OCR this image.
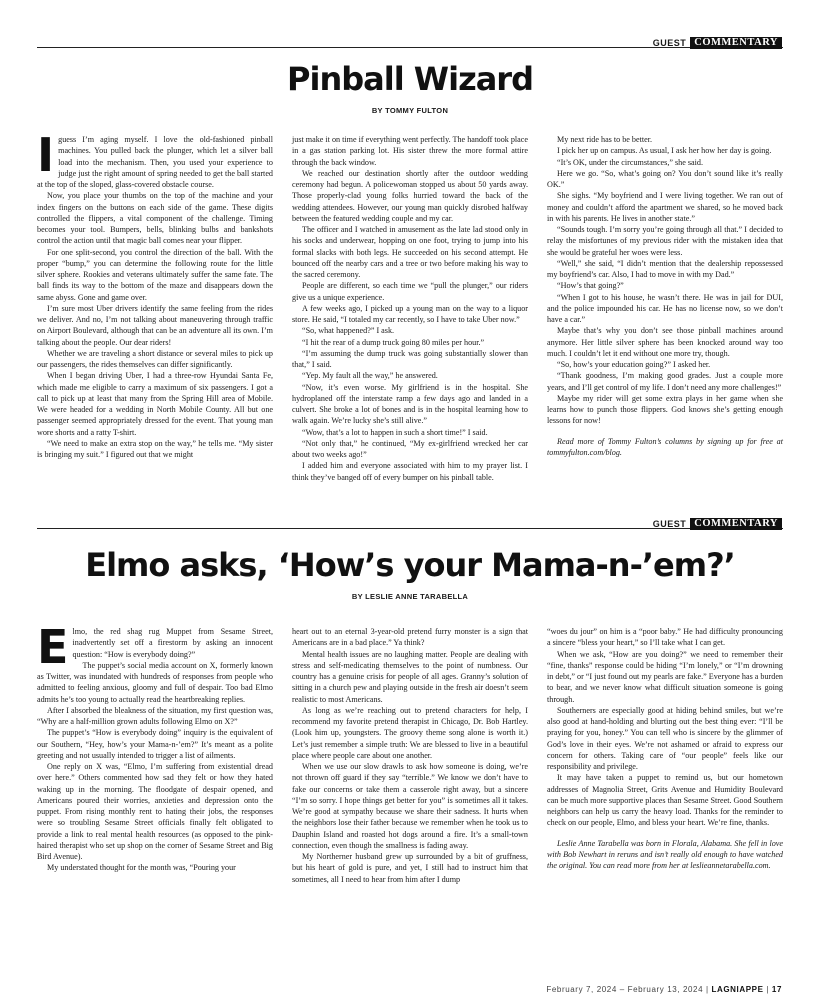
GUEST COMMENTARY
Pinball Wizard
BY TOMMY FULTON

I guess I’m aging myself. I love the old-fashioned pinball machines. You pulled back the plunger, which let a silver ball load into the mechanism. Then, you used your experience to judge just the right amount of spring needed to get the ball started at the top of the sloped, glass-covered obstacle course.

Now, you place your thumbs on the top of the machine and your index fingers on the buttons on each side of the game. These digits controlled the flippers, a vital component of the challenge. Timing becomes your tool. Bumpers, bells, blinking bulbs and bankshots control the action until that magic ball comes near your flipper.

For one split-second, you control the direction of the ball. With the proper “bump,” you can determine the following route for the little silver sphere. Rookies and veterans ultimately suffer the same fate. The ball finds its way to the bottom of the maze and disappears down the same abyss. Gone and game over.

I’m sure most Uber drivers identify the same feeling from the rides we deliver. And no, I’m not talking about maneuvering through traffic on Airport Boulevard, although that can be an adventure all its own. I’m talking about the people. Our dear riders!

Whether we are traveling a short distance or several miles to pick up our passengers, the rides themselves can differ significantly.

When I began driving Uber, I had a three-row Hyundai Santa Fe, which made me eligible to carry a maximum of six passengers. I got a call to pick up at least that many from the Spring Hill area of Mobile. We were headed for a wedding in North Mobile County. All but one passenger seemed appropriately dressed for the event. That young man wore shorts and a ratty T-shirt.

“We need to make an extra stop on the way,” he tells me. “My sister is bringing my suit.” I figured out that we might

just make it on time if everything went perfectly. The handoff took place in a gas station parking lot. His sister threw the more formal attire through the back window.

We reached our destination shortly after the outdoor wedding ceremony had begun. A policewoman stopped us about 50 yards away. Those properly-clad young folks hurried toward the back of the wedding attendees. However, our young man quickly disrobed halfway between the featured wedding couple and my car.

The officer and I watched in amusement as the late lad stood only in his socks and underwear, hopping on one foot, trying to jump into his formal slacks with both legs. He succeeded on his second attempt. He bounced off the nearby cars and a tree or two before making his way to the sacred ceremony.

People are different, so each time we “pull the plunger,” our riders give us a unique experience.

A few weeks ago, I picked up a young man on the way to a liquor store. He said, “I totaled my car recently, so I have to take Uber now.”

“So, what happened?” I ask.

“I hit the rear of a dump truck going 80 miles per hour.”

“I’m assuming the dump truck was going substantially slower than that,” I said.

“Yep. My fault all the way,” he answered.

“Now, it’s even worse. My girlfriend is in the hospital. She hydroplaned off the interstate ramp a few days ago and landed in a culvert. She broke a lot of bones and is in the hospital learning how to walk again. We’re lucky she’s still alive.”

“Wow, that’s a lot to happen in such a short time!” I said.

“Not only that,” he continued, “My ex-girlfriend wrecked her car about two weeks ago!”

I added him and everyone associated with him to my prayer list. I think they’ve banged off of every bumper on his pinball table.

My next ride has to be better.

I pick her up on campus. As usual, I ask her how her day is going.

“It’s OK, under the circumstances,” she said.

Here we go. “So, what’s going on? You don’t sound like it’s really OK.”

She sighs. “My boyfriend and I were living together. We ran out of money and couldn’t afford the apartment we shared, so he moved back in with his parents. He lives in another state.”

“Sounds tough. I’m sorry you’re going through all that.” I decided to relay the misfortunes of my previous rider with the mistaken idea that she would be grateful her woes were less.

“Well,” she said, “I didn’t mention that the dealership repossessed my boyfriend’s car. Also, I had to move in with my Dad.”

“How’s that going?”

“When I got to his house, he wasn’t there. He was in jail for DUI, and the police impounded his car. He has no license now, so we don’t have a car.”

Maybe that’s why you don’t see those pinball machines around anymore. Her little silver sphere has been knocked around way too much. I couldn’t let it end without one more try, though.

“So, how’s your education going?” I asked her.

“Thank goodness, I’m making good grades. Just a couple more years, and I’ll get control of my life. I don’t need any more challenges!”

Maybe my rider will get some extra plays in her game when she learns how to punch those flippers. God knows she’s getting enough lessons for now!

Read more of Tommy Fulton’s columns by signing up for free at tommyfulton.com/blog.

GUEST COMMENTARY
Elmo asks, ‘How’s your Mama-n-’em?’
BY LESLIE ANNE TARABELLA

Elmo, the red shag rug Muppet from Sesame Street, inadvertently set off a firestorm by asking an innocent question: “How is everybody doing?”

The puppet’s social media account on X, formerly known as Twitter, was inundated with hundreds of responses from people who admitted to feeling anxious, gloomy and full of despair. Too bad Elmo admits he’s too young to actually read the heartbreaking replies.

After I absorbed the bleakness of the situation, my first question was, “Why are a half-million grown adults following Elmo on X?”

The puppet’s “How is everybody doing” inquiry is the equivalent of our Southern, “Hey, how’s your Mama-n-’em?” It’s meant as a polite greeting and not usually intended to trigger a list of ailments.

One reply on X was, “Elmo, I’m suffering from existential dread over here.” Others commented how sad they felt or how they hated waking up in the morning. The floodgate of despair opened, and Americans poured their worries, anxieties and depression onto the puppet. From rising monthly rent to hating their jobs, the responses were so troubling Sesame Street officials finally felt obligated to provide a link to real mental health resources (as opposed to the pink-haired therapist who set up shop on the corner of Sesame Street and Big Bird Avenue).

My understated thought for the month was, “Pouring your

heart out to an eternal 3-year-old pretend furry monster is a sign that Americans are in a bad place.” Ya think?

Mental health issues are no laughing matter. People are dealing with stress and self-medicating themselves to the point of numbness. Our country has a genuine crisis for people of all ages. Granny’s solution of sitting in a church pew and playing outside in the fresh air doesn’t seem realistic to most Americans.

As long as we’re reaching out to pretend characters for help, I recommend my favorite pretend therapist in Chicago, Dr. Bob Hartley. (Look him up, youngsters. The groovy theme song alone is worth it.) Let’s just remember a simple truth: We are blessed to live in a beautiful place where people care about one another.

When we use our slow drawls to ask how someone is doing, we’re not thrown off guard if they say “terrible.” We know we don’t have to fake our concerns or take them a casserole right away, but a sincere “I’m so sorry. I hope things get better for you” is sometimes all it takes. We’re good at sympathy because we share their sadness. It hurts when the neighbors lose their father because we remember when he took us to Dauphin Island and roasted hot dogs around a fire. It’s a small-town connection, even though the smallness is fading away.

My Northerner husband grew up surrounded by a bit of gruffness, but his heart of gold is pure, and yet, I still had to instruct him that sometimes, all I need to hear from him after I dump

“woes du jour” on him is a “poor baby.” He had difficulty pronouncing a sincere “bless your heart,” so I’ll take what I can get.

When we ask, “How are you doing?” we need to remember their “fine, thanks” response could be hiding “I’m lonely,” or “I’m drowning in debt,” or “I just found out my pearls are fake.” Everyone has a burden to bear, and we never know what difficult situation someone is going through.

Southerners are especially good at hiding behind smiles, but we’re also good at hand-holding and blurting out the best thing ever: “I’ll be praying for you, honey.” You can tell who is sincere by the glimmer of God’s love in their eyes. We’re not ashamed or afraid to express our concern for others. Taking care of “our people” feels like our responsibility and privilege.

It may have taken a puppet to remind us, but our hometown addresses of Magnolia Street, Grits Avenue and Humidity Boulevard can be much more supportive places than Sesame Street. Good Southern neighbors can help us carry the heavy load. Thanks for the reminder to check on our people, Elmo, and bless your heart. We’re fine, thanks.

Leslie Anne Tarabella was born in Florala, Alabama. She fell in love with Bob Newhart in reruns and isn’t really old enough to have watched the original. You can read more from her at leslieannetarabella.com.

February 7, 2024 – February 13, 2024 | LAGNIAPPE | 17
